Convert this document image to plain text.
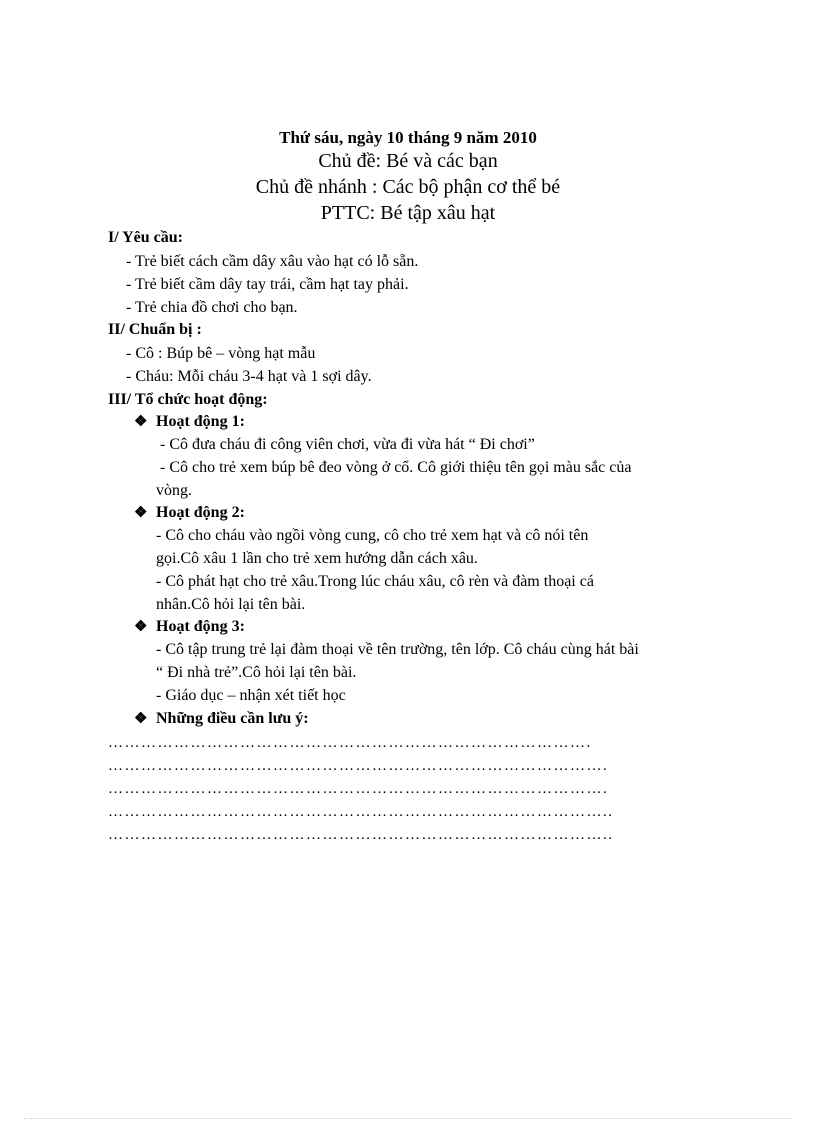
Thứ sáu, ngày 10 tháng 9 năm 2010
Chủ đề: Bé và các bạn
Chủ đề nhánh : Các bộ phận cơ thể bé
PTTC: Bé tập xâu hạt
I/ Yêu cầu:
- Trẻ biết cách cầm dây xâu vào hạt có lỗ sẵn.
- Trẻ biết cầm dây tay trái, cầm hạt tay phải.
- Trẻ chia đồ chơi cho bạn.
II/ Chuẩn bị :
- Cô : Búp bê – vòng hạt mẫu
- Cháu: Mỗi cháu 3-4 hạt và 1 sợi dây.
III/ Tổ chức hoạt động:
❖ Hoạt động 1:
- Cô đưa cháu đi công viên chơi, vừa đi vừa hát “ Đi chơi”
- Cô cho trẻ xem búp bê đeo vòng ở cổ. Cô giới thiệu tên gọi màu sắc của
vòng.
❖ Hoạt động 2:
- Cô cho cháu vào ngồi vòng cung, cô cho trẻ xem hạt và cô nói tên
gọi.Cô xâu 1 lần cho trẻ xem hướng dẫn cách xâu.
- Cô phát hạt cho trẻ xâu.Trong lúc cháu xâu, cô rèn và đàm thoại cá
nhân.Cô hỏi lại tên bài.
❖ Hoạt động 3:
- Cô tập trung trẻ lại đàm thoại về tên trường, tên lớp. Cô cháu cùng hát bài
“ Đi nhà trẻ”.Cô hỏi lại tên bài.
- Giáo dục – nhận xét tiết học
❖ Những điều cần lưu ý:
…………………………………………………………………………….
……………………………………………………………………………….
……………………………………………………………………………….
………………………………………………………………………………..
………………………………………………………………………………..
